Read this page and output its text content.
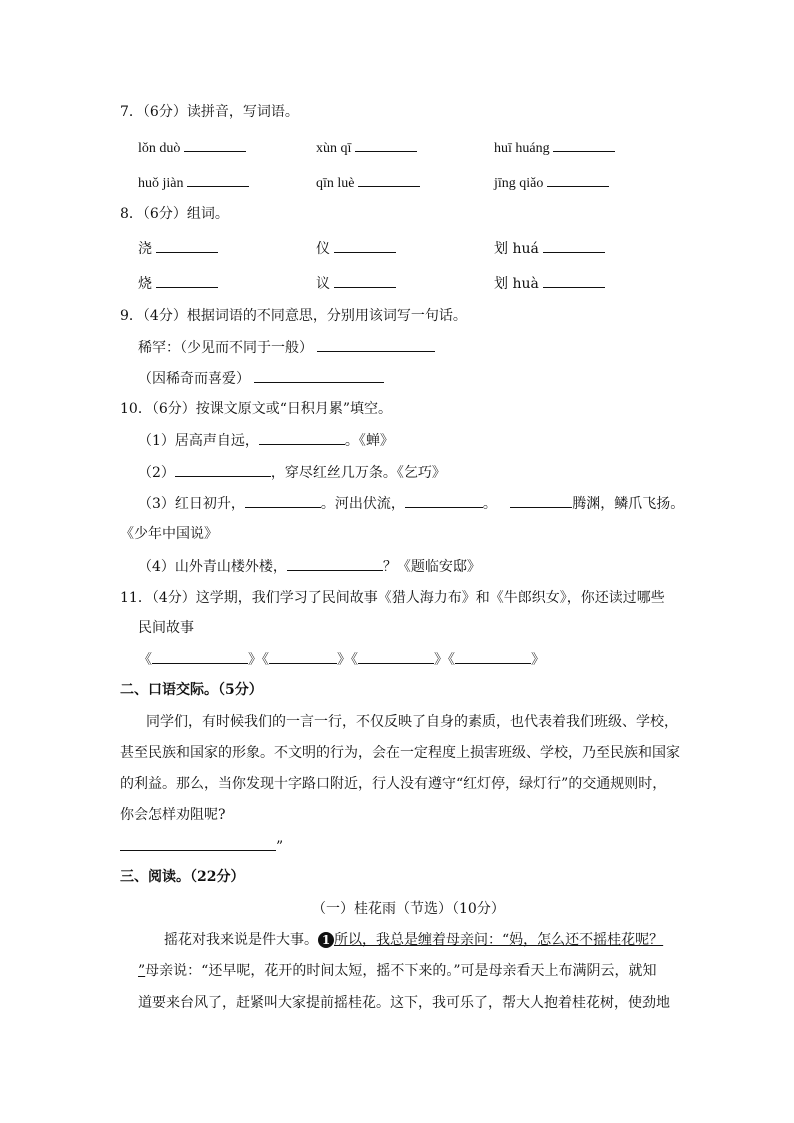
7．（6分）读拼音，写词语。
lǒn duò	xùn qī	huī huáng
huǒ jiàn	qīn luè	jīng qiǎo
8．（6分）组词。
浇	仪	划 huá
烧	议	划 huà
9．（4分）根据词语的不同意思，分别用该词写一句话。
稀罕：（少见而不同于一般）
（因稀奇而喜爱）
10．（6分）按课文原文或“日积月累”填空。
（1）居高声自远，	。《蝉》
（2）	，穿尽红丝几万条。《乞巧》
（3）红日初升，	。河出伏流，	。	腾渊，鳞爪飞扬。
《少年中国说》
（4）山外青山楼外楼，	？《题临安邸》
11．（4分）这学期，我们学习了民间故事《猎人海力布》和《牛郎织女》，你还读过哪些
民间故事
《	》《	》《	》《	》
二、口语交际。（5分）
同学们，有时候我们的一言一行，不仅反映了自身的素质，也代表着我们班级、学校，
甚至民族和国家的形象。不文明的行为，会在一定程度上损害班级、学校，乃至民族和国家
的利益。那么，当你发现十字路口附近，行人没有遵守“红灯停，绿灯行”的交通规则时，
你会怎样劝阻呢?
”
三、阅读。（22分）
（一）桂花雨（节选）（10分）
摇花对我来说是件大事。 1 所以，我总是缠着母亲问：“妈，怎么还不摇桂花呢？
”母亲说：“还早呢，花开的时间太短，摇不下来的。”可是母亲看天上布满阴云，就知
道要来台风了，赶紧叫大家提前摇桂花。这下，我可乐了，帮大人抱着桂花树，使劲地
